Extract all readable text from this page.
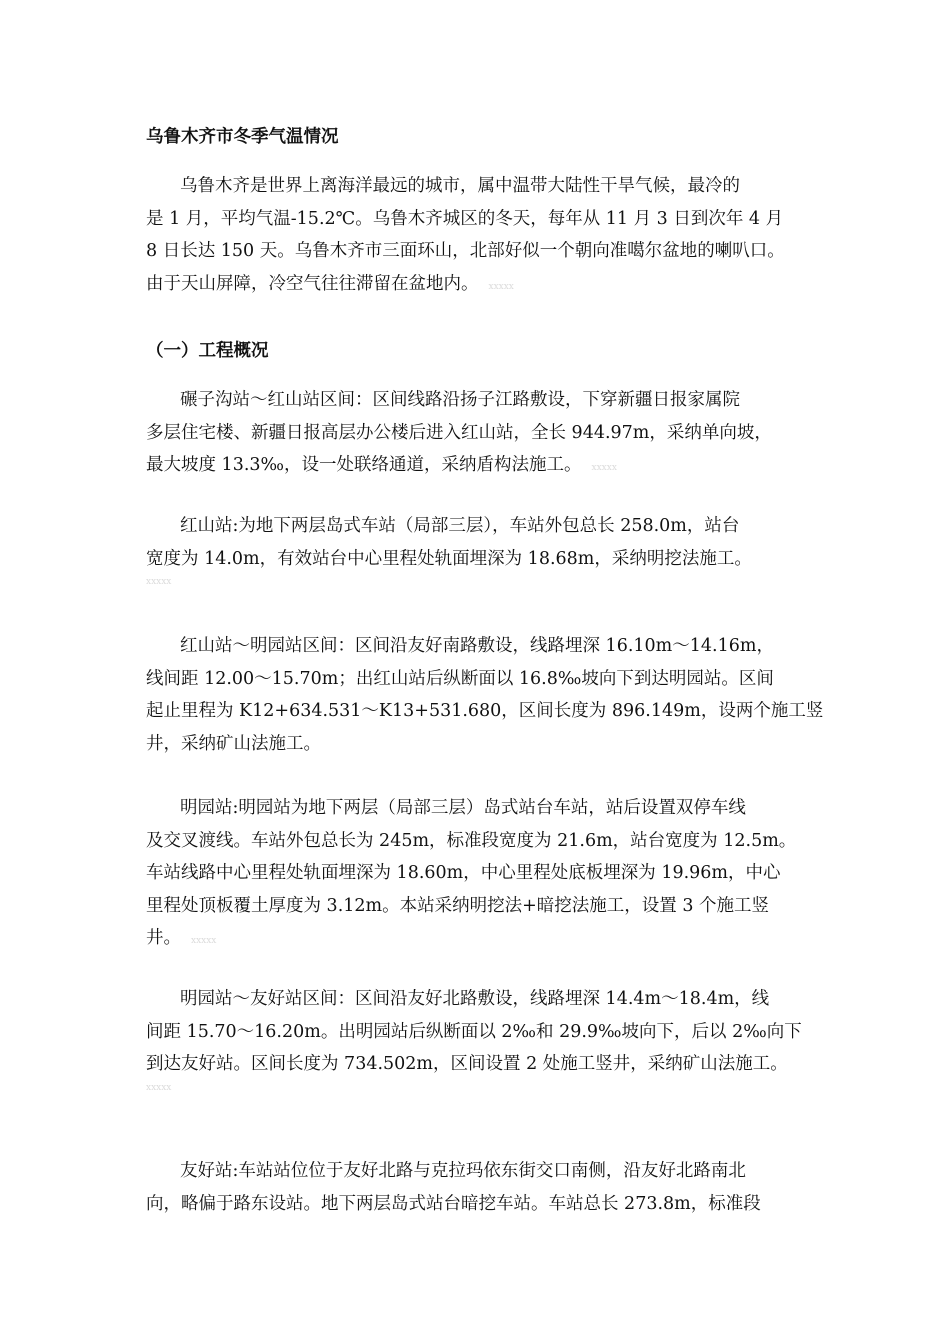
乌鲁木齐市冬季气温情况
乌鲁木齐是世界上离海洋最远的城市，属中温带大陆性干旱气候，最冷的
是 1 月，平均气温-15.2℃。乌鲁木齐城区的冬天，每年从 11 月 3 日到次年 4 月
8 日长达 150 天。乌鲁木齐市三面环山，北部好似一个朝向准噶尔盆地的喇叭口。
由于天山屏障，冷空气往往滞留在盆地内。 xxxxx
（一）工程概况
碾子沟站～红山站区间：区间线路沿扬子江路敷设，下穿新疆日报家属院
多层住宅楼、新疆日报高层办公楼后进入红山站，全长 944.97m，采纳单向坡，
最大坡度 13.3‰，设一处联络通道，采纳盾构法施工。 xxxxx
红山站:为地下两层岛式车站（局部三层），车站外包总长 258.0m，站台
宽度为 14.0m，有效站台中心里程处轨面埋深为 18.68m，采纳明挖法施工。
xxxxx
红山站～明园站区间：区间沿友好南路敷设，线路埋深 16.10m～14.16m，
线间距 12.00～15.70m；出红山站后纵断面以 16.8‰坡向下到达明园站。区间
起止里程为 K12+634.531～K13+531.680，区间长度为 896.149m，设两个施工竖
井，采纳矿山法施工。
明园站:明园站为地下两层（局部三层）岛式站台车站，站后设置双停车线
及交叉渡线。车站外包总长为 245m，标准段宽度为 21.6m，站台宽度为 12.5m。
车站线路中心里程处轨面埋深为 18.60m，中心里程处底板埋深为 19.96m，中心
里程处顶板覆土厚度为 3.12m。本站采纳明挖法+暗挖法施工，设置 3 个施工竖
井。 xxxxx
明园站～友好站区间：区间沿友好北路敷设，线路埋深 14.4m～18.4m，线
间距 15.70～16.20m。出明园站后纵断面以 2‰和 29.9‰坡向下，后以 2‰向下
到达友好站。区间长度为 734.502m，区间设置 2 处施工竖井，采纳矿山法施工。
xxxxx
友好站:车站站位位于友好北路与克拉玛依东街交口南侧，沿友好北路南北
向，略偏于路东设站。地下两层岛式站台暗挖车站。车站总长 273.8m，标准段
